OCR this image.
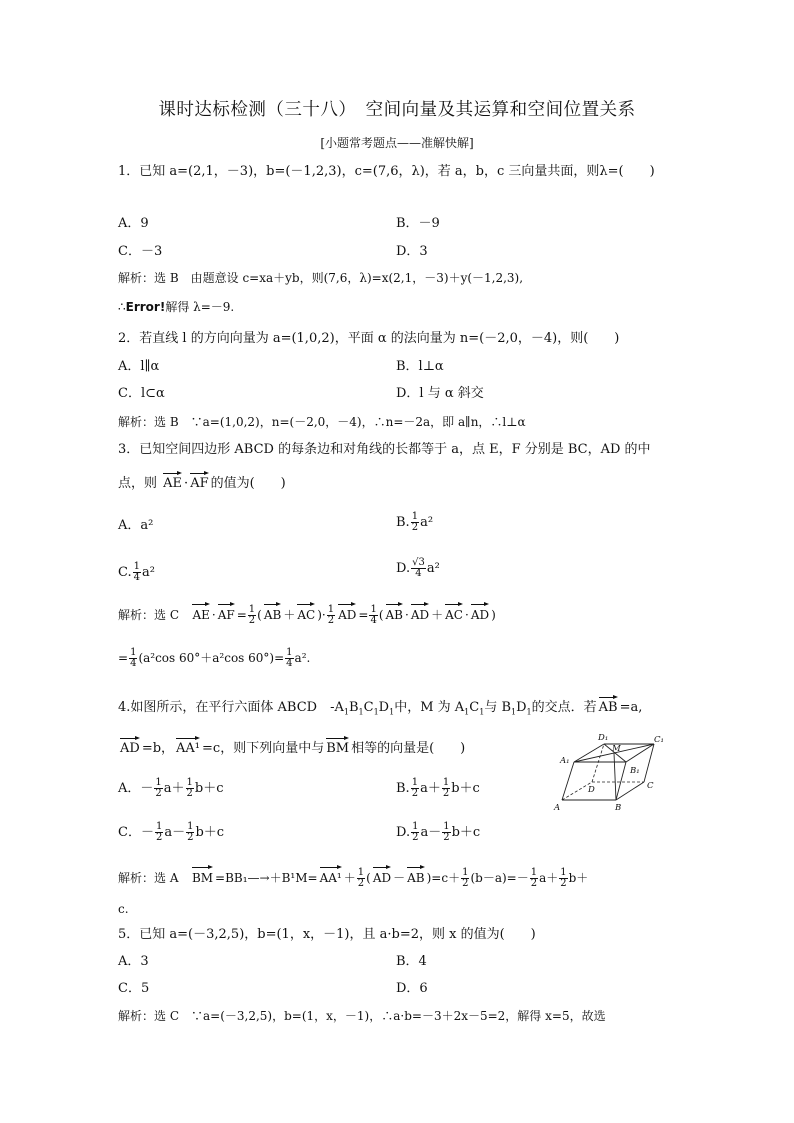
课时达标检测（三十八）　空间向量及其运算和空间位置关系
[小题常考题点——准解快解]
1．已知 a=(2,1，－3)，b=(－1,2,3)，c=(7,6，λ)，若 a，b，c 三向量共面，则λ=(　　)
A．9	B．－9
C．－3	D．3
解析：选 B　由题意设 c=xa＋yb，则(7,6，λ)=x(2,1，－3)＋y(－1,2,3),
∴Error!解得 λ=－9.
2．若直线 l 的方向向量为 a=(1,0,2)，平面 α 的法向量为 n=(－2,0，－4)，则(　　)
A．l∥α	B．l⊥α
C．l⊂α	D．l 与 α 斜交
解析：选 B　∵a=(1,0,2)，n=(－2,0，－4)，∴n=－2a，即 a∥n，∴l⊥α
3．已知空间四边形 ABCD 的每条边和对角线的长都等于 a，点 E，F 分别是 BC，AD 的中
点，则 AE · AF 的值为(　　)
A．a²	B. $\frac{1}{2} a^2$
C. $\frac{1}{4} a^2$	D. $\frac{√3}{4} a^2$
解析：选 C AE · AF = $\frac{1}{2}$ ( AB ＋ AC )· $\frac{1}{2}$ AD = $\frac{1}{4}$ ( AB · AD ＋ AC · AD )
= $\frac{1}{4} (a^2\cos$ 60°＋a²cos $60^\circ)= \frac{1}{4} a^2$.
4.如图所示，在平行六面体 ABCD　$-A_1B_1C_1D_1$中，M 为 $A_1C_1$与 $B_1D_1$的交点．若 AB =a,
AD =b， AA¹ =c，则下列向量中与 BM 相等的向量是(　　)
A．－ $\frac{1}{2} a+ \frac{1}{2} b+c$	B. $\frac{1}{2} a+ \frac{1}{2} b+c$
C．－ $\frac{1}{2} a- \frac{1}{2} b+c$	D. $\frac{1}{2} a- \frac{1}{2} b+c$
A	B
C
D
A₁
B₁
C₁
D₁
M
解析：选 A BM =BB₁—→＋B¹M= $AA^1 + \frac{1}{2}$ ( AD － AB )$=c+ \frac{1}{2} (b-a)=- \frac{1}{2} a+ \frac{1}{2} b+$
c.
5．已知 a=(－3,2,5)，b=(1，x，－1)，且 a·b=2，则 x 的值为(　　)
A．3	B．4
C．5	D．6
解析：选 C　∵a=(－3,2,5)，b=(1，x，－1)，∴a·b=－3＋2x－5=2，解得 x=5，故选
